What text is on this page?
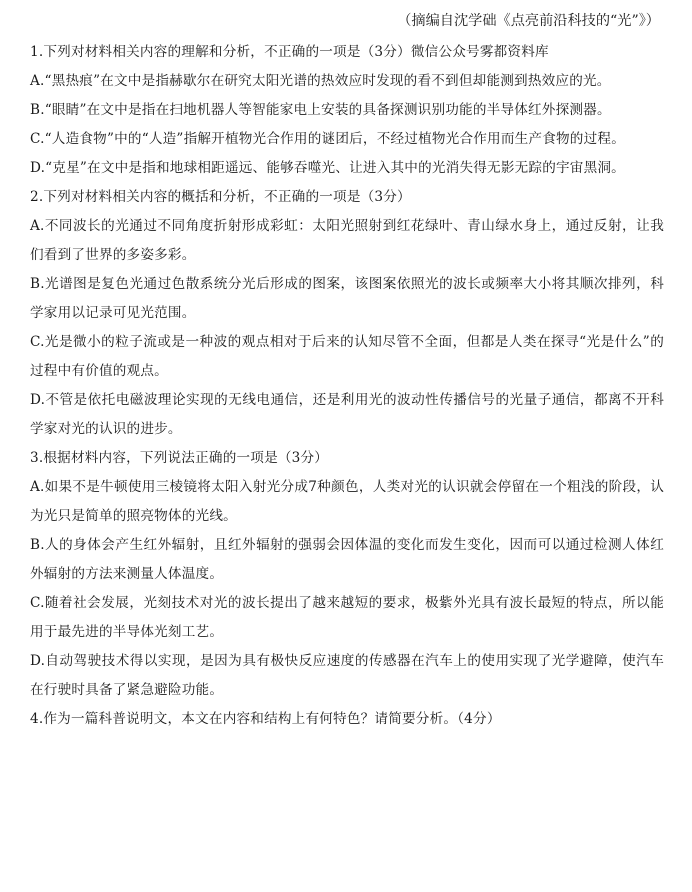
（摘编自沈学础《点亮前沿科技的“光”》）

1.下列对材料相关内容的理解和分析，不正确的一项是（3分）微信公众号雾都资料库

A.“黑热痕”在文中是指赫歇尔在研究太阳光谱的热效应时发现的看不到但却能测到热效应的光。

B.“眼睛”在文中是指在扫地机器人等智能家电上安装的具备探测识别功能的半导体红外探测器。

C.“人造食物”中的“人造”指解开植物光合作用的谜团后，不经过植物光合作用而生产食物的过程。

D.“克星”在文中是指和地球相距遥远、能够吞噬光、让进入其中的光消失得无影无踪的宇宙黑洞。

2.下列对材料相关内容的概括和分析，不正确的一项是（3分）

A.不同波长的光通过不同角度折射形成彩虹：太阳光照射到红花绿叶、青山绿水身上，通过反射，让我们看到了世界的多姿多彩。

B.光谱图是复色光通过色散系统分光后形成的图案，该图案依照光的波长或频率大小将其顺次排列，科学家用以记录可见光范围。

C.光是微小的粒子流或是一种波的观点相对于后来的认知尽管不全面，但都是人类在探寻“光是什么”的过程中有价值的观点。

D.不管是依托电磁波理论实现的无线电通信，还是利用光的波动性传播信号的光量子通信，都离不开科学家对光的认识的进步。

3.根据材料内容，下列说法正确的一项是（3分）

A.如果不是牛顿使用三棱镜将太阳入射光分成7种颜色，人类对光的认识就会停留在一个粗浅的阶段，认为光只是简单的照亮物体的光线。

B.人的身体会产生红外辐射，且红外辐射的强弱会因体温的变化而发生变化，因而可以通过检测人体红外辐射的方法来测量人体温度。

C.随着社会发展，光刻技术对光的波长提出了越来越短的要求，极紫外光具有波长最短的特点，所以能用于最先进的半导体光刻工艺。

D.自动驾驶技术得以实现，是因为具有极快反应速度的传感器在汽车上的使用实现了光学避障，使汽车在行驶时具备了紧急避险功能。

4.作为一篇科普说明文，本文在内容和结构上有何特色？请简要分析。（4分）
